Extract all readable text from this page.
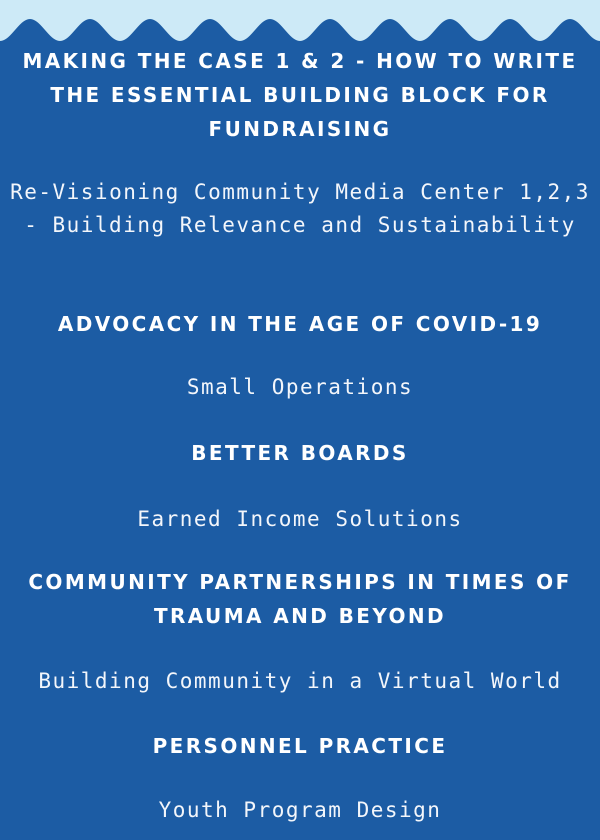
MAKING THE CASE 1 & 2 - HOW TO WRITE THE ESSENTIAL BUILDING BLOCK FOR FUNDRAISING

Re-Visioning Community Media Center 1,2,3 - Building Relevance and Sustainability

ADVOCACY IN THE AGE OF COVID-19

Small Operations

BETTER BOARDS

Earned Income Solutions

COMMUNITY PARTNERSHIPS IN TIMES OF TRAUMA AND BEYOND

Building Community in a Virtual World

PERSONNEL PRACTICE

Youth Program Design
